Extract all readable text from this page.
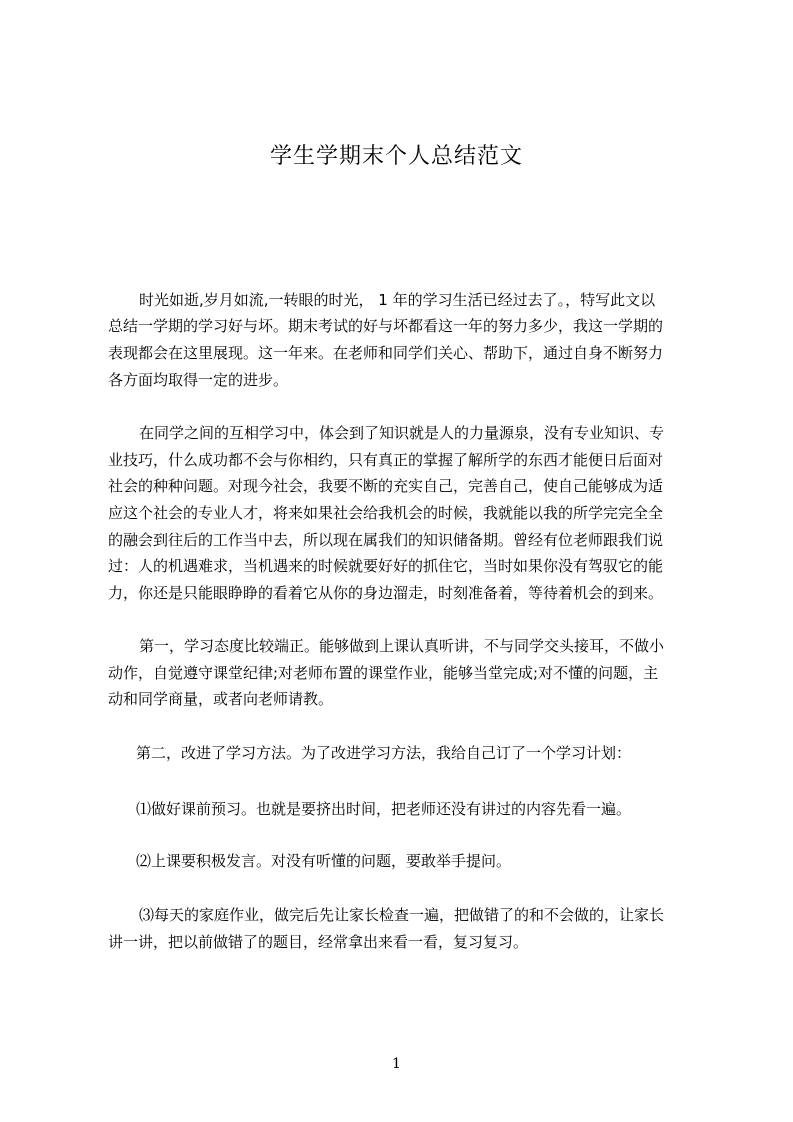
学生学期末个人总结范文
时光如逝,岁月如流,一转眼的时光， 1 年的学习生活已经过去了。，特写此文以
总结一学期的学习好与坏。期末考试的好与坏都看这一年的努力多少，我这一学期的
表现都会在这里展现。这一年来。在老师和同学们关心、帮助下，通过自身不断努力
各方面均取得一定的进步。
在同学之间的互相学习中，体会到了知识就是人的力量源泉，没有专业知识、专
业技巧，什么成功都不会与你相约，只有真正的掌握了解所学的东西才能便日后面对
社会的种种问题。对现今社会，我要不断的充实自己，完善自己，使自己能够成为适
应这个社会的专业人才，将来如果社会给我机会的时候，我就能以我的所学完完全全
的融会到往后的工作当中去，所以现在属我们的知识储备期。曾经有位老师跟我们说
过：人的机遇难求，当机遇来的时候就要好好的抓住它，当时如果你没有驾驭它的能
力，你还是只能眼睁睁的看着它从你的身边溜走，时刻准备着，等待着机会的到来。
第一，学习态度比较端正。能够做到上课认真听讲，不与同学交头接耳，不做小
动作，自觉遵守课堂纪律;对老师布置的课堂作业，能够当堂完成;对不懂的问题，主
动和同学商量，或者向老师请教。
第二，改进了学习方法。为了改进学习方法，我给自己订了一个学习计划：
⑴做好课前预习。也就是要挤出时间，把老师还没有讲过的内容先看一遍。
⑵上课要积极发言。对没有听懂的问题，要敢举手提问。
⑶每天的家庭作业，做完后先让家长检查一遍，把做错了的和不会做的，让家长
讲一讲，把以前做错了的题目，经常拿出来看一看，复习复习。
1
